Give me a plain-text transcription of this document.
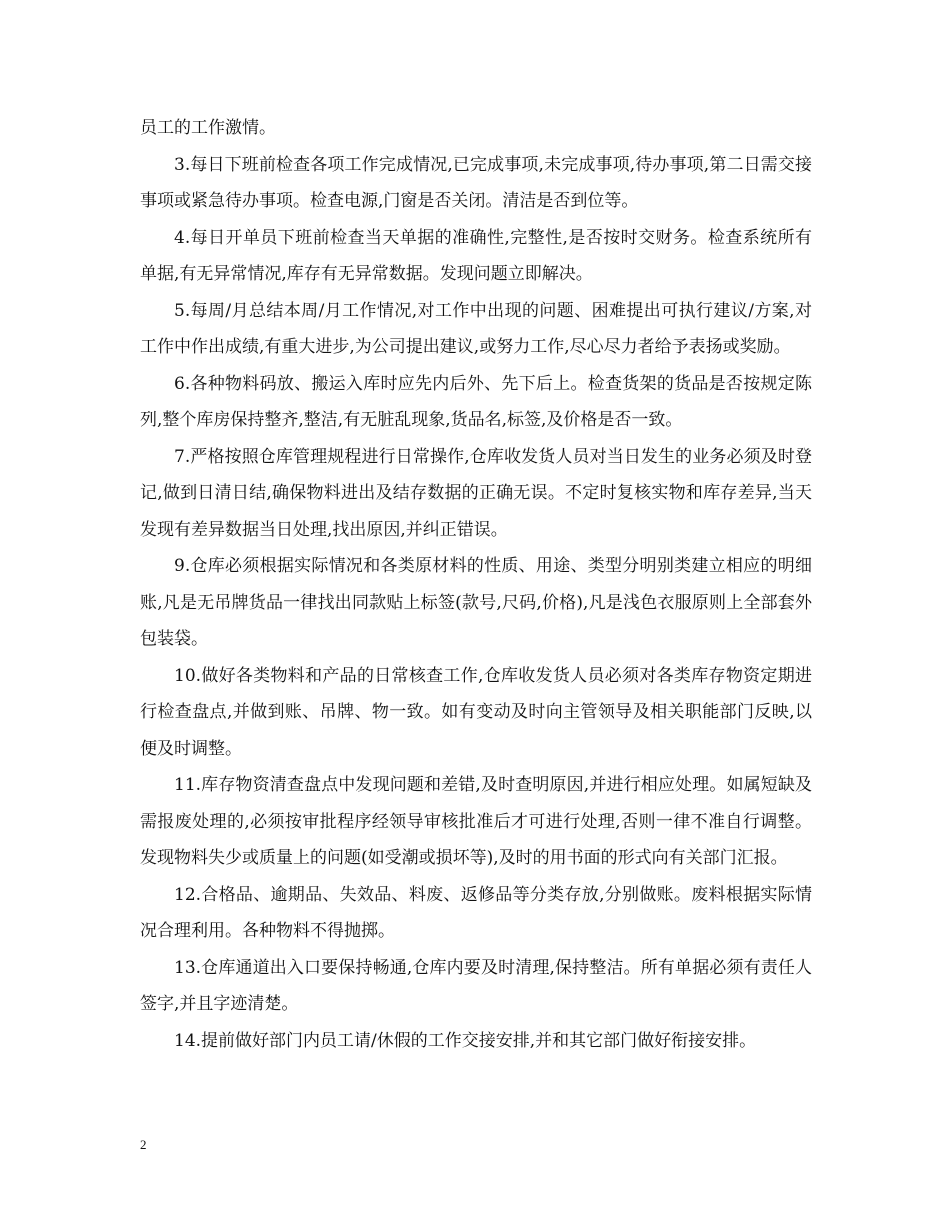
员工的工作激情。

3.每日下班前检查各项工作完成情况,已完成事项,未完成事项,待办事项,第二日需交接事项或紧急待办事项。检查电源,门窗是否关闭。清洁是否到位等。

4.每日开单员下班前检查当天单据的准确性,完整性,是否按时交财务。检查系统所有单据,有无异常情况,库存有无异常数据。发现问题立即解决。

5.每周/月总结本周/月工作情况,对工作中出现的问题、困难提出可执行建议/方案,对工作中作出成绩,有重大进步,为公司提出建议,或努力工作,尽心尽力者给予表扬或奖励。

6.各种物料码放、搬运入库时应先内后外、先下后上。检查货架的货品是否按规定陈列,整个库房保持整齐,整洁,有无脏乱现象,货品名,标签,及价格是否一致。

7.严格按照仓库管理规程进行日常操作,仓库收发货人员对当日发生的业务必须及时登记,做到日清日结,确保物料进出及结存数据的正确无误。不定时复核实物和库存差异,当天发现有差异数据当日处理,找出原因,并纠正错误。

9.仓库必须根据实际情况和各类原材料的性质、用途、类型分明别类建立相应的明细账,凡是无吊牌货品一律找出同款贴上标签(款号,尺码,价格),凡是浅色衣服原则上全部套外包装袋。

10.做好各类物料和产品的日常核查工作,仓库收发货人员必须对各类库存物资定期进行检查盘点,并做到账、吊牌、物一致。如有变动及时向主管领导及相关职能部门反映,以便及时调整。

11.库存物资清查盘点中发现问题和差错,及时查明原因,并进行相应处理。如属短缺及需报废处理的,必须按审批程序经领导审核批准后才可进行处理,否则一律不准自行调整。发现物料失少或质量上的问题(如受潮或损坏等),及时的用书面的形式向有关部门汇报。

12.合格品、逾期品、失效品、料废、返修品等分类存放,分别做账。废料根据实际情况合理利用。各种物料不得抛掷。

13.仓库通道出入口要保持畅通,仓库内要及时清理,保持整洁。所有单据必须有责任人签字,并且字迹清楚。

14.提前做好部门内员工请/休假的工作交接安排,并和其它部门做好衔接安排。

2
